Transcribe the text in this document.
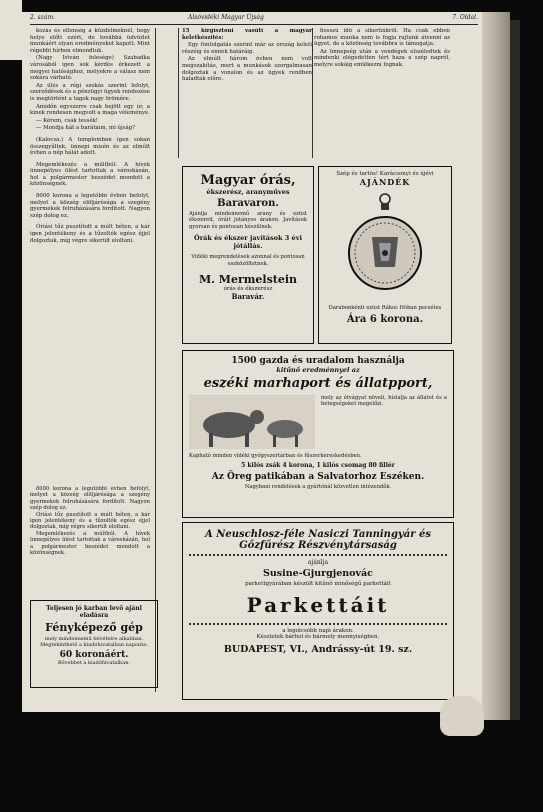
2. szám.	Alsóvidéki Magyar Újság	7. Oldal.

kozás és ellenség a küzdelmeknél, hogy helye előtt ezért, de továbbá üdvözlet munkáért olyan eredményeket kapott. Mint régebbi hírben elmondtuk.

(Nagy István felesége) Szabadka városából igen sok kérdés érkezett a megyei hatósághoz, melyekre a válasz nem sokára várható.

Az ülés a régi szokás szerint lefolyt, szerződések és a pénzügyi ügyek rendezése is megtörtént a tagok nagy örömére.

Amidőn egyszerre csak bejött egy úr, a kinek rendesen megvolt a maga véleménye.

— Kérem, csak tessék!

— Mondja hát a barátaim, mi újság?

(Kalocsa.) A templomban igen sokan összegyűltek, ünnepi misén és az elmúlt évben a nép hálát adott.

Megemlékezés a múltból. A hívek ünnepélyes ülést tartottak a városházán, hol a polgármester beszédet mondott a közönségnek.

8000 korona a legutóbbi évben befolyt, melyet a község elöljárósága a szegény gyermekek felruházására fordított. Nagyon szép dolog ez.

Óriási tűz pusztított a múlt héten, a kár igen jelentékeny és a tűzoltók egész éjjel dolgoztak, míg végre sikerült eloltani.

15 kirgisztoni vasúti a magyar keletkészítés:

Egy fontolgatás szerint már az ország keleti részéig és ennek határáig.

Az elmúlt három évben nem volt megszakítás, mert a munkások szorgalmasan dolgoztak a vonalon és az ügyek rendben haladtak előre.

hosszú idő a sikerünkről. Ha csak ebben rohamos munka nem is fogja rajtunk átvenni az ügyet, de a közönség továbbra is támogatja.

Az ünnepség után a vendégek elszéledtek és mindenki elégedetten tért haza a szép napról, melyre sokáig emlékezni fognak.

Magyar órás,
ékszerész, aranyműves
Baravaron.
Ajánlja mindennemű arany és ezüst ékszereit, óráit jutányos árakon. Javítások gyorsan és pontosan készülnek.
Órák és ékszer javítások 3 évi jótállás.
Vidéki megrendelések azonnal és pontosan eszközöltetnek.
M. Mermelstein
órás és ékszerész
Baravár.
Szép és tartós! Karácsonyi és újévi
AJÁNDÉK
Darabonkénti ezüst Rákos Hóban pecsétes
Ára 6 korona.
1500 gazda és uradalom használja
kitűnő eredménnyel az
eszéki marhaport és állatpport,
mely az étvágyat növeli, hízlalja az állatot és a betegségeket megelőzi.
Kapható minden vidéki gyógyszertárban és fűszerkereskedésben.
5 kilós zsák 4 korona, 1 kilós csomag 80 fillér
Az Öreg patikában a Salvatorhoz Eszéken.
Nagybani rendelések a gyártónál közvetlen intézendők.
A Neuschlosz-féle Nasiczi Tanningyár és
Gőzfűrész Részvénytársaság
ajánlja
Susine-Gjurgjenovác
parkettgyárában készült kitűnő minőségű parkettáit
Parkettáit
a legolcsóbb napi árakon.
Készletek bárhol és bármely mennyiségben.
BUDAPEST, VI., Andrássy-út 19. sz.

8000 korona a legutóbbi évben befolyt, melyet a község elöljárósága a szegény gyermekek felruházására fordított. Nagyon szép dolog ez.

Óriási tűz pusztított a múlt héten, a kár igen jelentékeny és a tűzoltók egész éjjel dolgoztak, míg végre sikerült eloltani.

Megemlékezés a múltból. A hívek ünnepélyes ülést tartottak a városházán, hol a polgármester beszédet mondott a közönségnek.

Teljesen jó karban levő ajánl eladásra
Fényképező gép
mely mindennemű felvételre alkalmas. Megtekinthető a kiadóhivatalban naponta.
60 koronáért.
Bővebbet a kiadóhivatalban.
